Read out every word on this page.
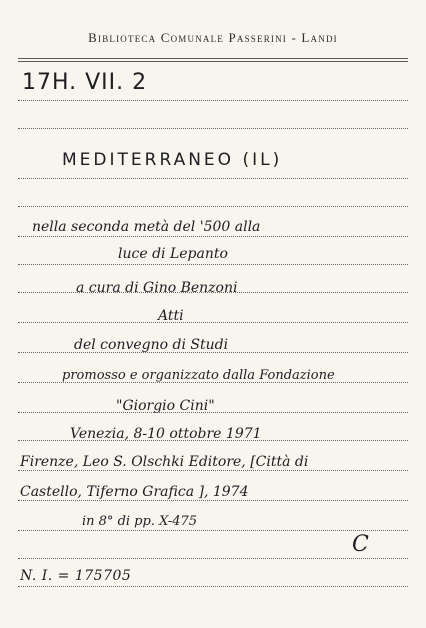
Biblioteca Comunale Passerini - Landi
17H. VII. 2
MEDITERRANEO (IL)
nella seconda metà del '500 alla
luce di Lepanto
a cura di Gino Benzoni
Atti
del convegno di Studi
promosso e organizzato dalla Fondazione
"Giorgio Cini"
Venezia, 8-10 ottobre 1971
Firenze, Leo S. Olschki Editore, [Città di
Castello, Tiferno Grafica ], 1974
in 8° di pp. X-475
C
N. I. = 175705
